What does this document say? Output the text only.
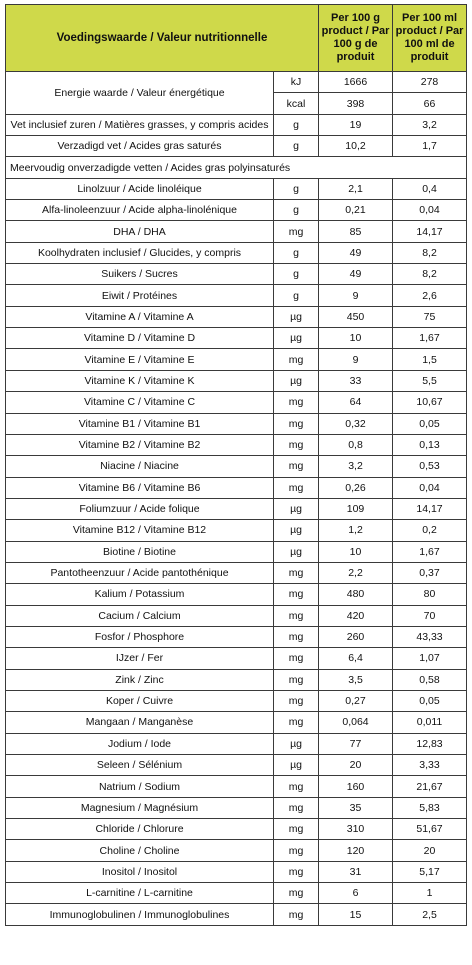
Voedingswaarde / Valeur nutritionnelle		Per 100 g product / Par 100 g de produit	Per 100 ml product / Par 100 ml de produit
Energie waarde / Valeur énergétique	kJ	1666	278
	kcal	398	66
Vet inclusief zuren / Matières grasses, y compris acides	g	19	3,2
Verzadigd vet / Acides gras saturés	g	10,2	1,7
Meervoudig onverzadigde vetten / Acides gras polyinsaturés			
Linolzuur / Acide linoléique	g	2,1	0,4
Alfa-linoleenzuur / Acide alpha-linolénique	g	0,21	0,04
DHA / DHA	mg	85	14,17
Koolhydraten inclusief / Glucides, y compris	g	49	8,2
Suikers / Sucres	g	49	8,2
Eiwit / Protéines	g	9	2,6
Vitamine A / Vitamine A	µg	450	75
Vitamine D / Vitamine D	µg	10	1,67
Vitamine E / Vitamine E	mg	9	1,5
Vitamine K / Vitamine K	µg	33	5,5
Vitamine C / Vitamine C	mg	64	10,67
Vitamine B1 / Vitamine B1	mg	0,32	0,05
Vitamine B2 / Vitamine B2	mg	0,8	0,13
Niacine / Niacine	mg	3,2	0,53
Vitamine B6 / Vitamine B6	mg	0,26	0,04
Foliumzuur / Acide folique	µg	109	14,17
Vitamine B12 / Vitamine B12	µg	1,2	0,2
Biotine / Biotine	µg	10	1,67
Pantotheenzuur / Acide pantothénique	mg	2,2	0,37
Kalium / Potassium	mg	480	80
Cacium / Calcium	mg	420	70
Fosfor / Phosphore	mg	260	43,33
IJzer / Fer	mg	6,4	1,07
Zink / Zinc	mg	3,5	0,58
Koper / Cuivre	mg	0,27	0,05
Mangaan / Manganèse	mg	0,064	0,011
Jodium / Iode	µg	77	12,83
Seleen / Sélénium	µg	20	3,33
Natrium / Sodium	mg	160	21,67
Magnesium / Magnésium	mg	35	5,83
Chloride / Chlorure	mg	310	51,67
Choline / Choline	mg	120	20
Inositol / Inositol	mg	31	5,17
L-carnitine / L-carnitine	mg	6	1
Immunoglobulinen / Immunoglobulines	mg	15	2,5
